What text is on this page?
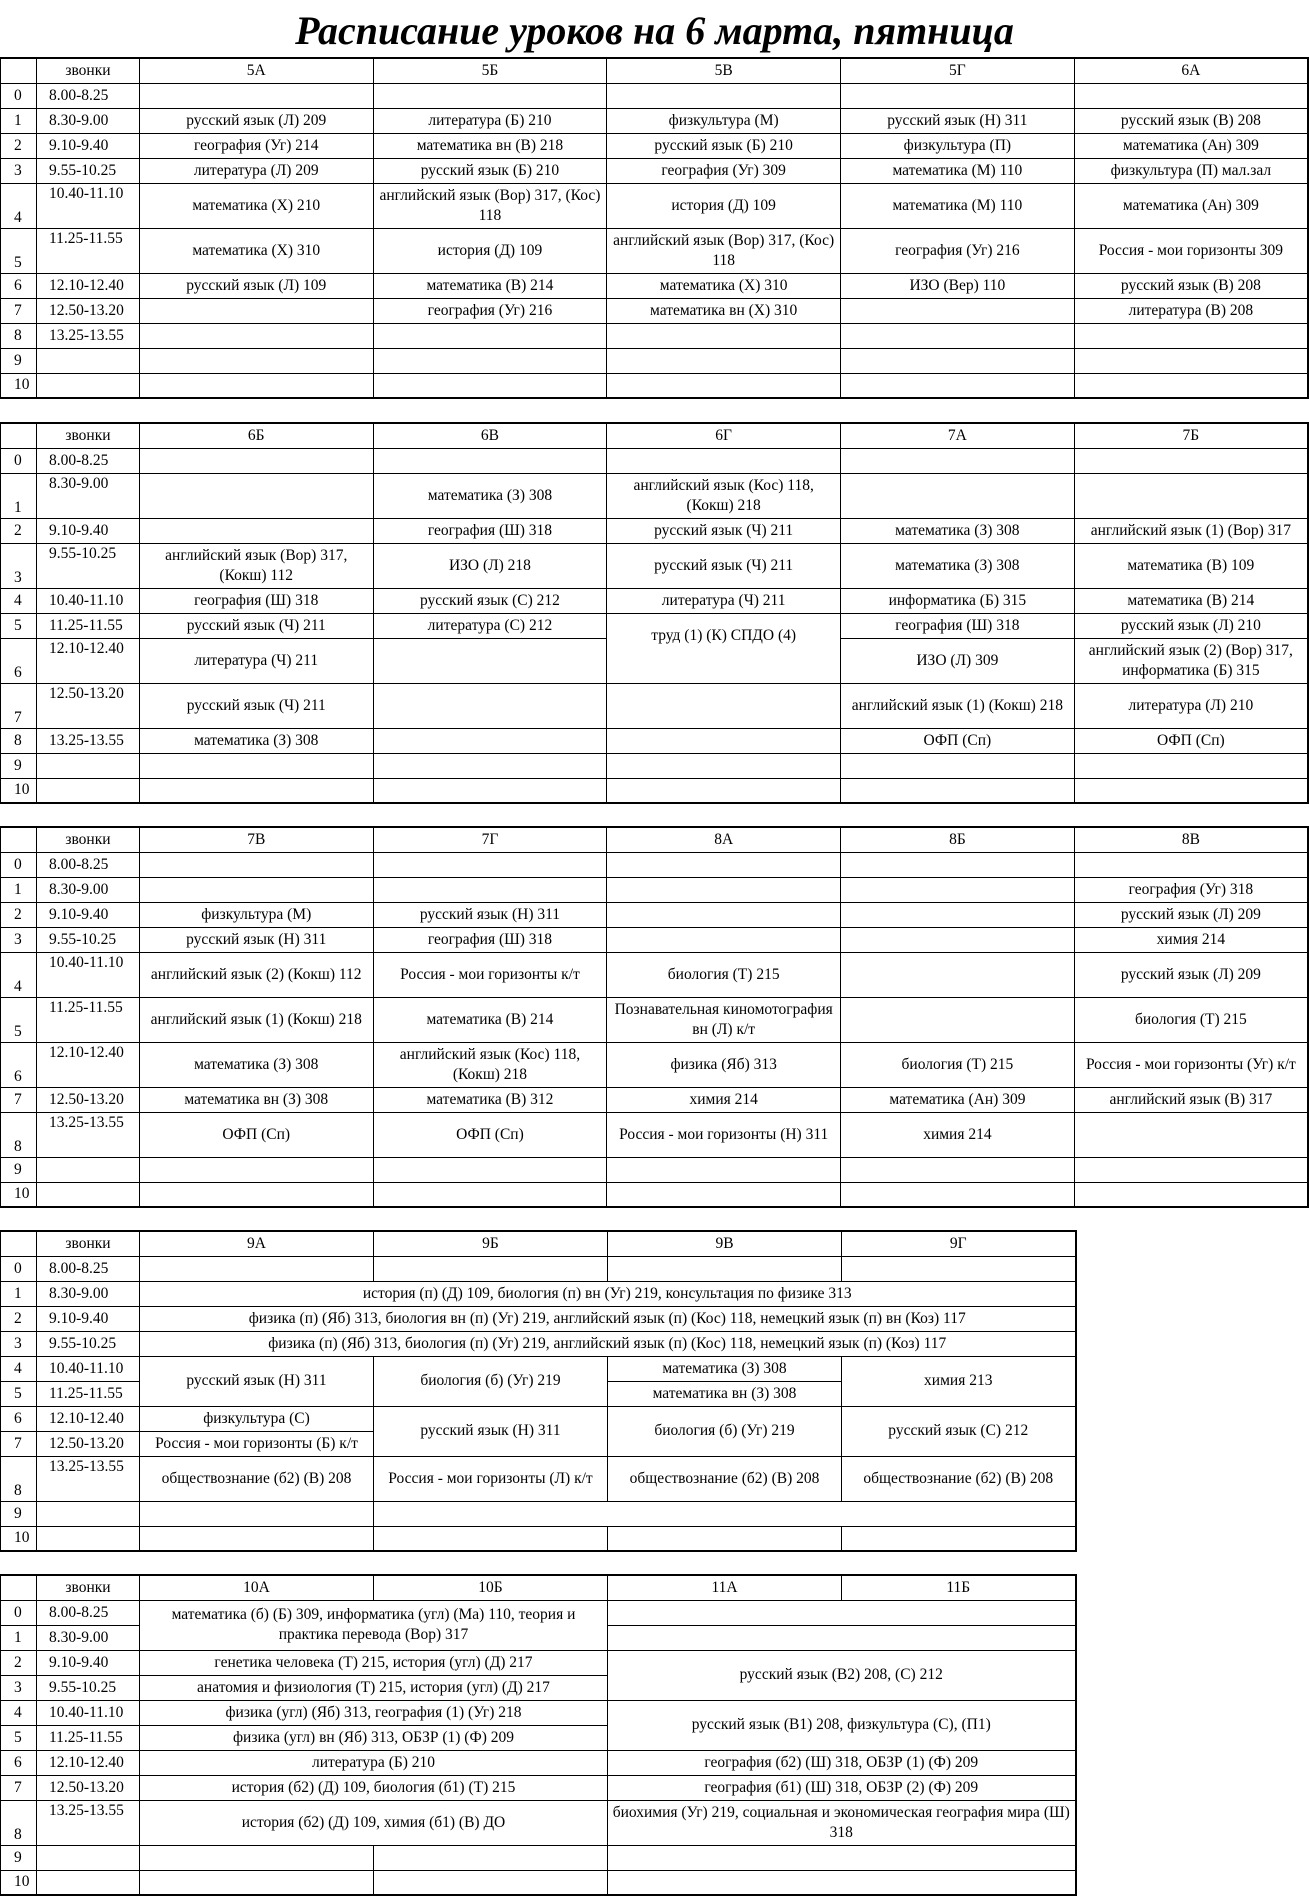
Расписание уроков на 6 марта, пятница
	звонки	5А	5Б	5В	5Г	6А
0	8.00-8.25					
1	8.30-9.00	русский язык (Л) 209	литература (Б) 210	физкультура (М)	русский язык (Н) 311	русский язык (В) 208
2	9.10-9.40	география (Уг) 214	математика вн (В) 218	русский язык (Б) 210	физкультура (П)	математика (Ан) 309
3	9.55-10.25	литература (Л) 209	русский язык (Б) 210	география (Уг) 309	математика (М) 110	физкультура (П) мал.зал
4	10.40-11.10	математика (Х) 210	английский язык (Вор) 317, (Кос) 118	история (Д) 109	математика (М) 110	математика (Ан) 309
5	11.25-11.55	математика (Х) 310	история (Д) 109	английский язык (Вор) 317, (Кос) 118	география (Уг) 216	Россия - мои горизонты 309
6	12.10-12.40	русский язык (Л) 109	математика (В) 214	математика (Х) 310	ИЗО (Вер) 110	русский язык (В) 208
7	12.50-13.20		география (Уг) 216	математика вн (Х) 310		литература (В) 208
8	13.25-13.55					
9						
10						
	звонки	6Б	6В	6Г	7А	7Б
0	8.00-8.25					
1	8.30-9.00		математика (З) 308	английский язык (Кос) 118, (Кокш) 218		
2	9.10-9.40		география (Ш) 318	русский язык (Ч) 211	математика (З) 308	английский язык (1) (Вор) 317
3	9.55-10.25	английский язык (Вор) 317, (Кокш) 112	ИЗО (Л) 218	русский язык (Ч) 211	математика (З) 308	математика (В) 109
4	10.40-11.10	география (Ш) 318	русский язык (С) 212	литература (Ч) 211	информатика (Б) 315	математика (В) 214
5	11.25-11.55	русский язык (Ч) 211	литература (С) 212	труд (1) (К) СПДО (4)	география (Ш) 318	русский язык (Л) 210
6	12.10-12.40	литература (Ч) 211			ИЗО (Л) 309	английский язык (2) (Вор) 317, информатика (Б) 315
7	12.50-13.20	русский язык (Ч) 211			английский язык (1) (Кокш) 218	литература (Л) 210
8	13.25-13.55	математика (З) 308			ОФП (Сп)	ОФП (Сп)
9						
10						
	звонки	7В	7Г	8А	8Б	8В
0	8.00-8.25					
1	8.30-9.00					география (Уг) 318
2	9.10-9.40	физкультура (М)	русский язык (Н) 311			русский язык (Л) 209
3	9.55-10.25	русский язык (Н) 311	география (Ш) 318			химия 214
4	10.40-11.10	английский язык (2) (Кокш) 112	Россия - мои горизонты к/т	биология (Т) 215		русский язык (Л) 209
5	11.25-11.55	английский язык (1) (Кокш) 218	математика (В) 214	Познавательная киномотография вн (Л) к/т		биология (Т) 215
6	12.10-12.40	математика (З) 308	английский язык (Кос) 118, (Кокш) 218	физика (Яб) 313	биология (Т) 215	Россия - мои горизонты (Уг) к/т
7	12.50-13.20	математика вн (З) 308	математика (В) 312	химия 214	математика (Ан) 309	английский язык (В) 317
8	13.25-13.55	ОФП (Сп)	ОФП (Сп)	Россия - мои горизонты (Н) 311	химия 214	
9						
10						
	звонки	9А	9Б	9В	9Г
0	8.00-8.25				
1	8.30-9.00	история (п) (Д) 109, биология (п) вн (Уг) 219, консультация по физике 313			
2	9.10-9.40	физика (п) (Яб) 313, биология вн (п) (Уг) 219, английский язык (п) (Кос) 118, немецкий язык (п) вн (Коз) 117			
3	9.55-10.25	физика (п) (Яб) 313, биология (п) (Уг) 219, английский язык (п) (Кос) 118, немецкий язык (п) (Коз) 117			
4	10.40-11.10	русский язык (Н) 311	биология (б) (Уг) 219	математика (З) 308	химия 213
5	11.25-11.55			математика вн (З) 308	
6	12.10-12.40	физкультура (С)	русский язык (Н) 311	биология (б) (Уг) 219	русский язык (С) 212
7	12.50-13.20	Россия - мои горизонты (Б) к/т			
8	13.25-13.55	обществознание (б2) (В) 208	Россия - мои горизонты (Л) к/т	обществознание (б2) (В) 208	обществознание (б2) (В) 208
9					
10					
	звонки	10А	10Б	11А	11Б
0	8.00-8.25	математика (б) (Б) 309, информатика (угл) (Ма) 110, теория и практика перевода (Вор) 317			
1	8.30-9.00				
2	9.10-9.40	генетика человека (Т) 215, история (угл) (Д) 217		русский язык (В2) 208, (С) 212	
3	9.55-10.25	анатомия и физиология (Т) 215, история (угл) (Д) 217			
4	10.40-11.10	физика (угл) (Яб) 313, география (1) (Уг) 218		русский язык (В1) 208, физкультура (С), (П1)	
5	11.25-11.55	физика (угл) вн (Яб) 313, ОБЗР (1) (Ф) 209			
6	12.10-12.40	литература (Б) 210		география (б2) (Ш) 318, ОБЗР (1) (Ф) 209	
7	12.50-13.20	история (б2) (Д) 109, биология (б1) (Т) 215		география (б1) (Ш) 318, ОБЗР (2) (Ф) 209	
8	13.25-13.55	история (б2) (Д) 109, химия (б1) (В) ДО		биохимия (Уг) 219, социальная и экономическая география мира (Ш) 318	
9					
10					
